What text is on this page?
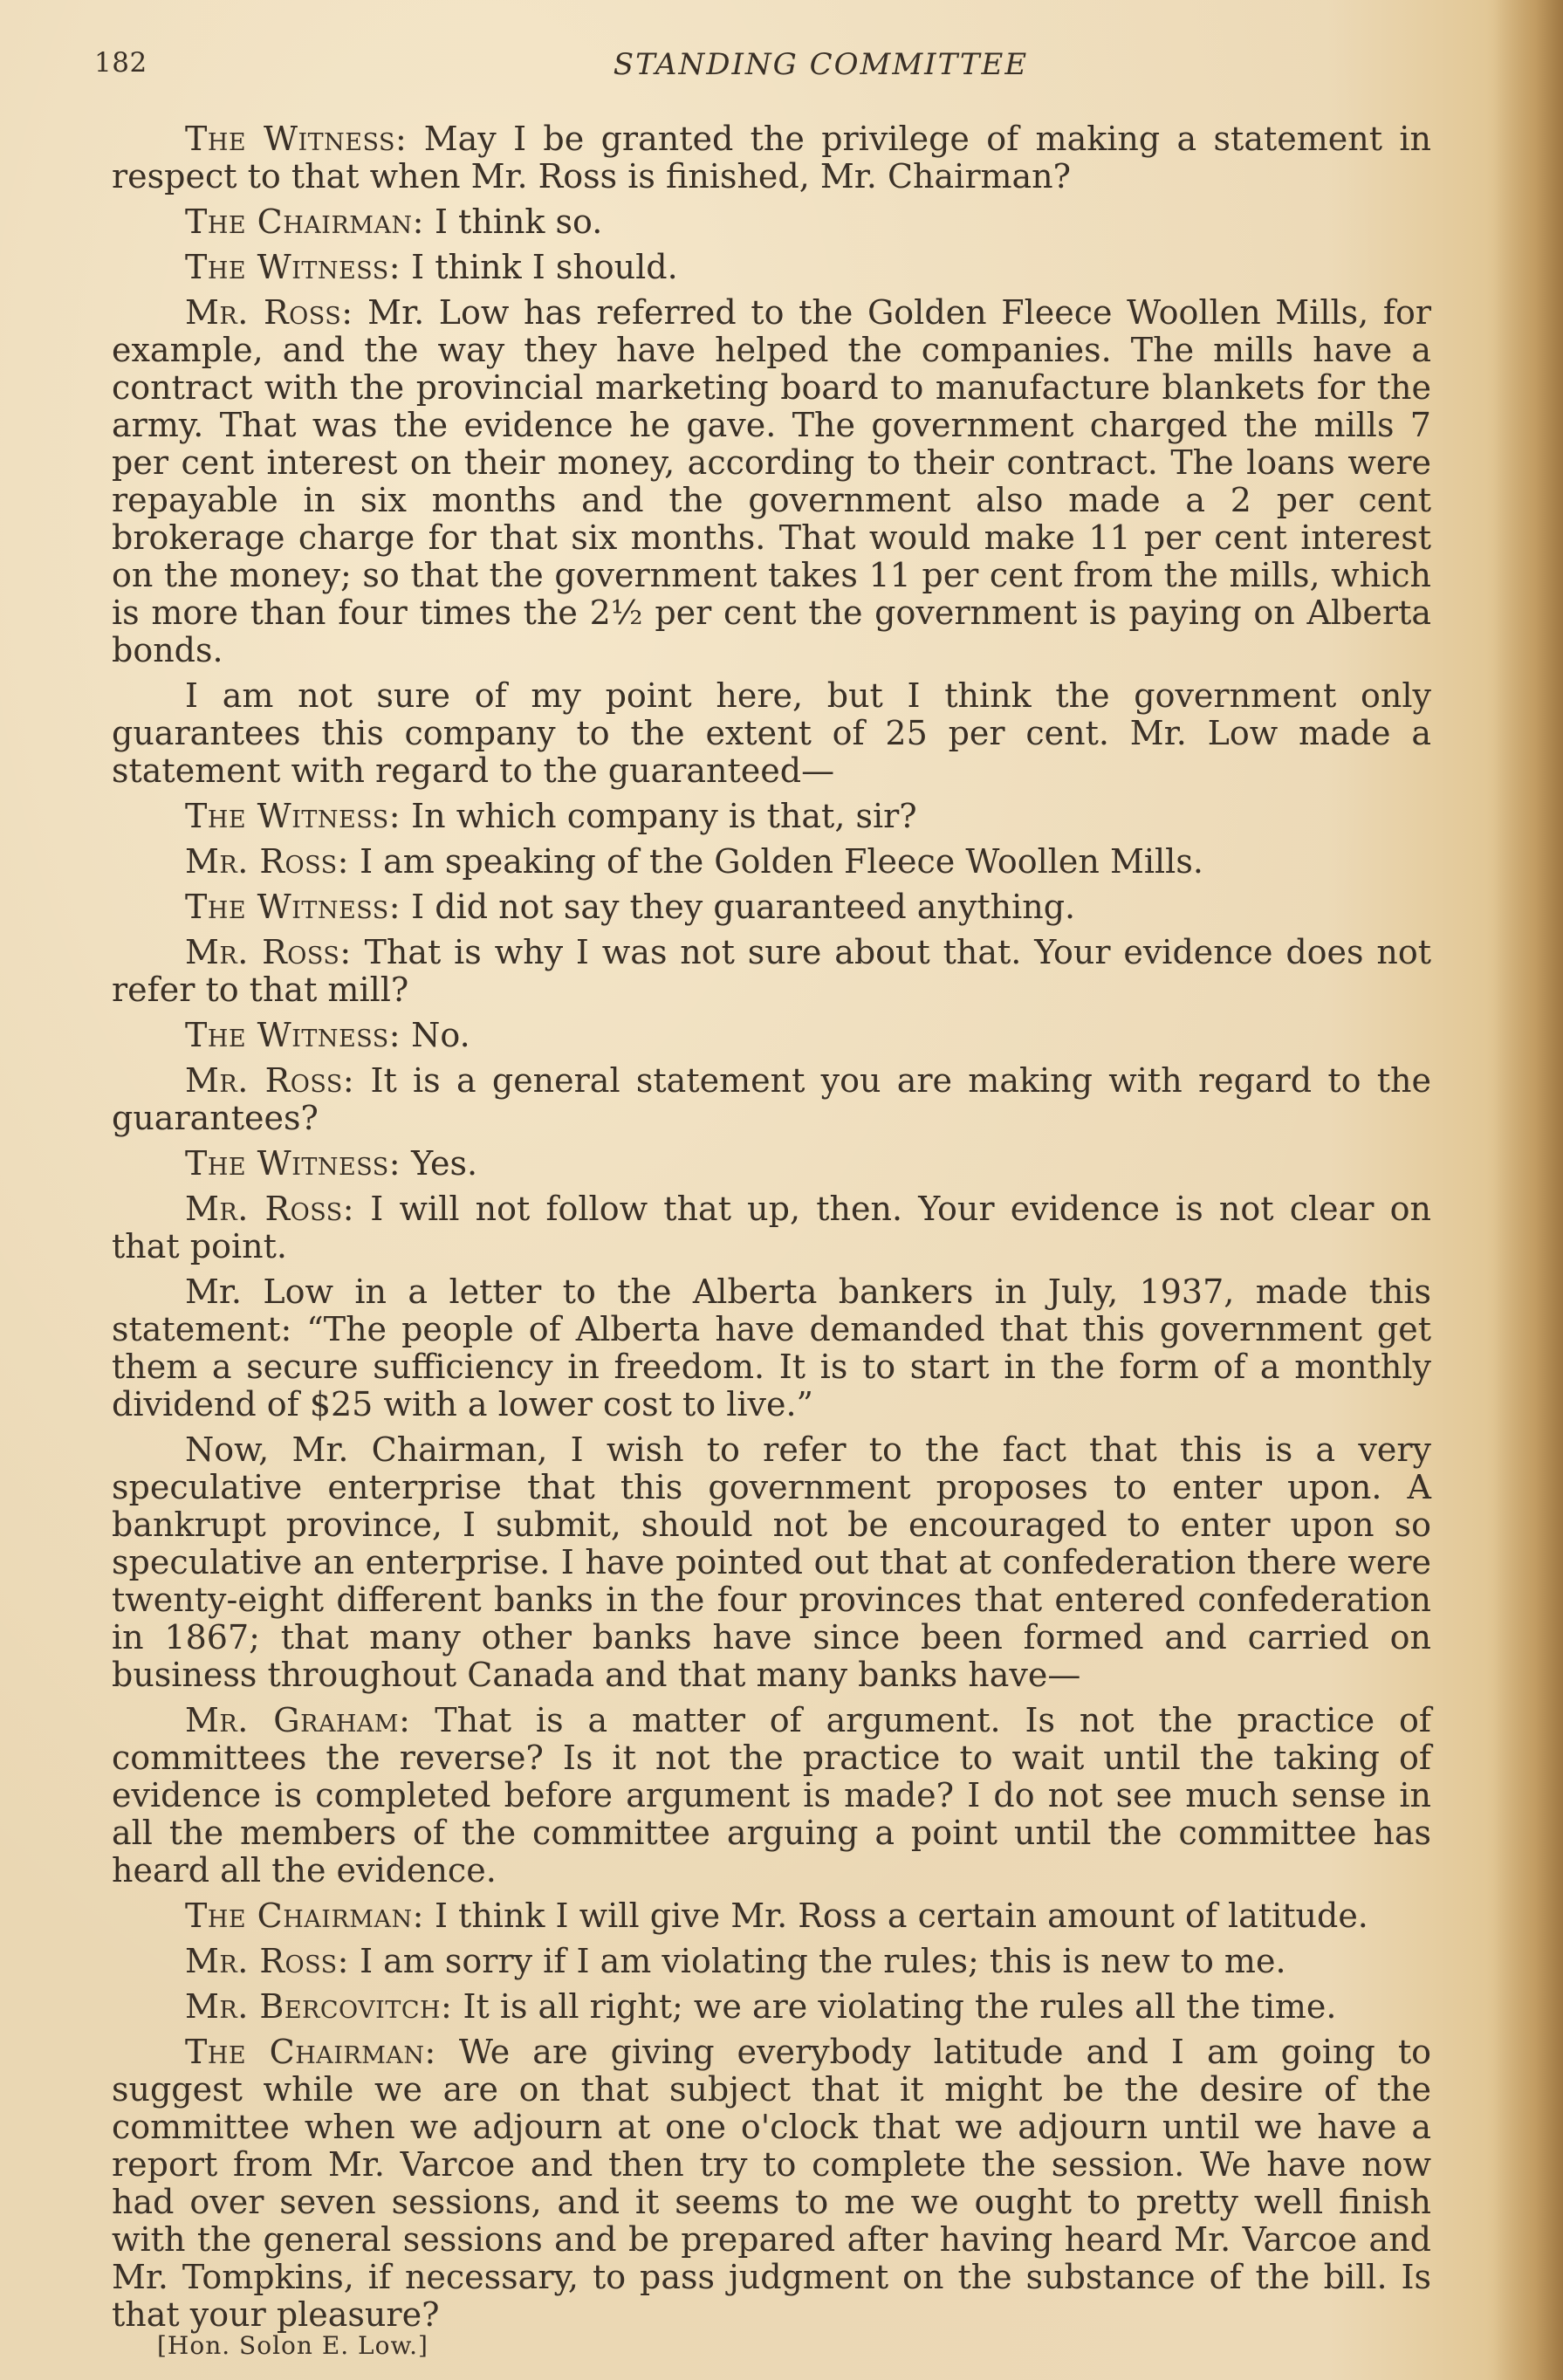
182	STANDING COMMITTEE

The Witness: May I be granted the privilege of making a statement in respect to that when Mr. Ross is finished, Mr. Chairman?

The Chairman: I think so.

The Witness: I think I should.

Mr. Ross: Mr. Low has referred to the Golden Fleece Woollen Mills, for example, and the way they have helped the companies. The mills have a contract with the provincial marketing board to manufacture blankets for the army. That was the evidence he gave. The government charged the mills 7 per cent interest on their money, according to their contract. The loans were repayable in six months and the government also made a 2 per cent brokerage charge for that six months. That would make 11 per cent interest on the money; so that the government takes 11 per cent from the mills, which is more than four times the 2½ per cent the government is paying on Alberta bonds.

I am not sure of my point here, but I think the government only guarantees this company to the extent of 25 per cent. Mr. Low made a statement with regard to the guaranteed—

The Witness: In which company is that, sir?

Mr. Ross: I am speaking of the Golden Fleece Woollen Mills.

The Witness: I did not say they guaranteed anything.

Mr. Ross: That is why I was not sure about that. Your evidence does not refer to that mill?

The Witness: No.

Mr. Ross: It is a general statement you are making with regard to the guarantees?

The Witness: Yes.

Mr. Ross: I will not follow that up, then. Your evidence is not clear on that point.

Mr. Low in a letter to the Alberta bankers in July, 1937, made this statement: “The people of Alberta have demanded that this government get them a secure sufficiency in freedom. It is to start in the form of a monthly dividend of $25 with a lower cost to live.”

Now, Mr. Chairman, I wish to refer to the fact that this is a very speculative enterprise that this government proposes to enter upon. A bankrupt province, I submit, should not be encouraged to enter upon so speculative an enterprise. I have pointed out that at confederation there were twenty-eight different banks in the four provinces that entered confederation in 1867; that many other banks have since been formed and carried on business throughout Canada and that many banks have—

Mr. Graham: That is a matter of argument. Is not the practice of committees the reverse? Is it not the practice to wait until the taking of evidence is completed before argument is made? I do not see much sense in all the members of the committee arguing a point until the committee has heard all the evidence.

The Chairman: I think I will give Mr. Ross a certain amount of latitude.

Mr. Ross: I am sorry if I am violating the rules; this is new to me.

Mr. Bercovitch: It is all right; we are violating the rules all the time.

The Chairman: We are giving everybody latitude and I am going to suggest while we are on that subject that it might be the desire of the committee when we adjourn at one o'clock that we adjourn until we have a report from Mr. Varcoe and then try to complete the session. We have now had over seven sessions, and it seems to me we ought to pretty well finish with the general sessions and be prepared after having heard Mr. Varcoe and Mr. Tompkins, if necessary, to pass judgment on the substance of the bill. Is that your pleasure?

[Hon. Solon E. Low.]
